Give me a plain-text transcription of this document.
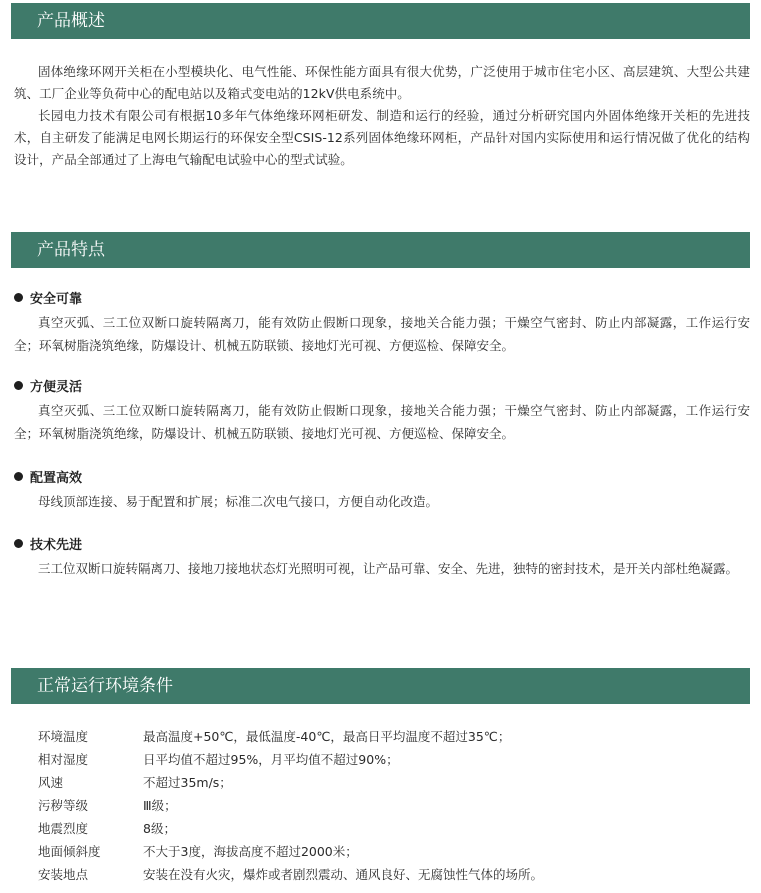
产品概述

固体绝缘环网开关柜在小型模块化、电气性能、环保性能方面具有很大优势，广泛使用于城市住宅小区、高层建筑、大型公共建筑、工厂企业等负荷中心的配电站以及箱式变电站的12kV供电系统中。

长园电力技术有限公司有根据10多年气体绝缘环网柜研发、制造和运行的经验，通过分析研究国内外固体绝缘开关柜的先进技术，自主研发了能满足电网长期运行的环保安全型CSIS-12系列固体绝缘环网柜，产品针对国内实际使用和运行情况做了优化的结构设计，产品全部通过了上海电气输配电试验中心的型式试验。

产品特点
安全可靠

真空灭弧、三工位双断口旋转隔离刀，能有效防止假断口现象，接地关合能力强；干燥空气密封、防止内部凝露，工作运行安全；环氧树脂浇筑绝缘，防爆设计、机械五防联锁、接地灯光可视、方便巡检、保障安全。

方便灵活

真空灭弧、三工位双断口旋转隔离刀，能有效防止假断口现象，接地关合能力强；干燥空气密封、防止内部凝露，工作运行安全；环氧树脂浇筑绝缘，防爆设计、机械五防联锁、接地灯光可视、方便巡检、保障安全。

配置高效

母线顶部连接、易于配置和扩展；标准二次电气接口，方便自动化改造。

技术先进

三工位双断口旋转隔离刀、接地刀接地状态灯光照明可视，让产品可靠、安全、先进，独特的密封技术，是开关内部杜绝凝露。

正常运行环境条件
环境温度	最高温度+50℃，最低温度-40℃，最高日平均温度不超过35℃；
相对湿度	日平均值不超过95%，月平均值不超过90%；
风速	不超过35m/s；
污秽等级	Ⅲ级；
地震烈度	8级；
地面倾斜度	不大于3度，海拔高度不超过2000米；
安装地点	安装在没有火灾，爆炸或者剧烈震动、通风良好、无腐蚀性气体的场所。
